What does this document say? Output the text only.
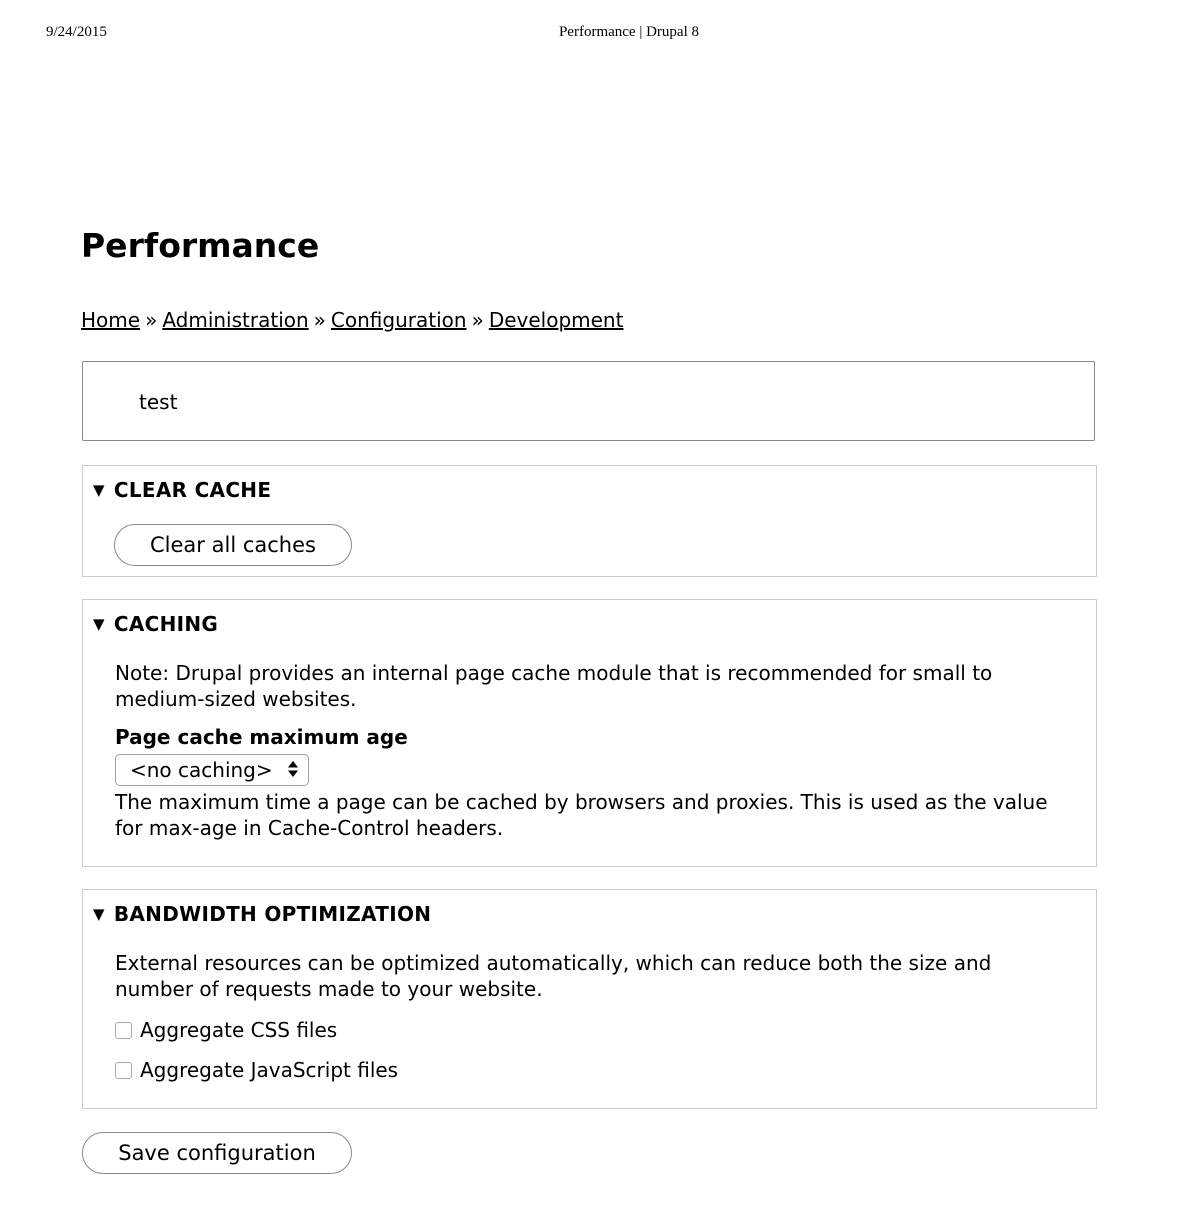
9/24/2015	Performance | Drupal 8
Performance
Home » Administration » Configuration » Development
test
▼ CLEAR CACHE
Clear all caches
▼ CACHING
Note: Drupal provides an internal page cache module that is recommended for small to medium-sized websites.
Page cache maximum age
<no caching>
The maximum time a page can be cached by browsers and proxies. This is used as the value for max-age in Cache-Control headers.
▼ BANDWIDTH OPTIMIZATION
External resources can be optimized automatically, which can reduce both the size and number of requests made to your website.
Aggregate CSS files
Aggregate JavaScript files
Save configuration
